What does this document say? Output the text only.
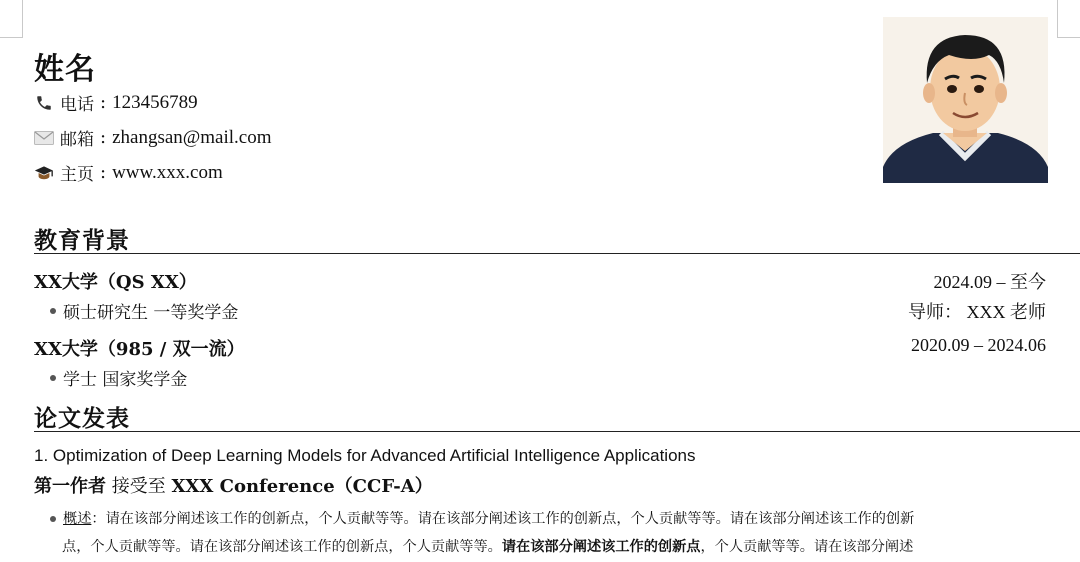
姓名
电话 : 123456789
邮箱 : zhangsan@mail.com
主页 : www.xxx.com
教育背景
XX大学（QS XX）	2024.09 – 至今
硕士研究生 一等奖学金	导师： XXX 老师
XX大学（985 / 双一流）	2020.09 – 2024.06
学士 国家奖学金
论文发表
1. Optimization of Deep Learning Models for Advanced Artificial Intelligence Applications
第一作者 接受至 XXX Conference（CCF-A）
概述 ：请在该部分阐述该工作的创新点，个人贡献等等。请在该部分阐述该工作的创新点，个人贡献等等。请在该部分阐述该工作的创新
点，个人贡献等等。请在该部分阐述该工作的创新点，个人贡献等等。请在该部分阐述该工作的创新点，个人贡献等等。请在该部分阐述
